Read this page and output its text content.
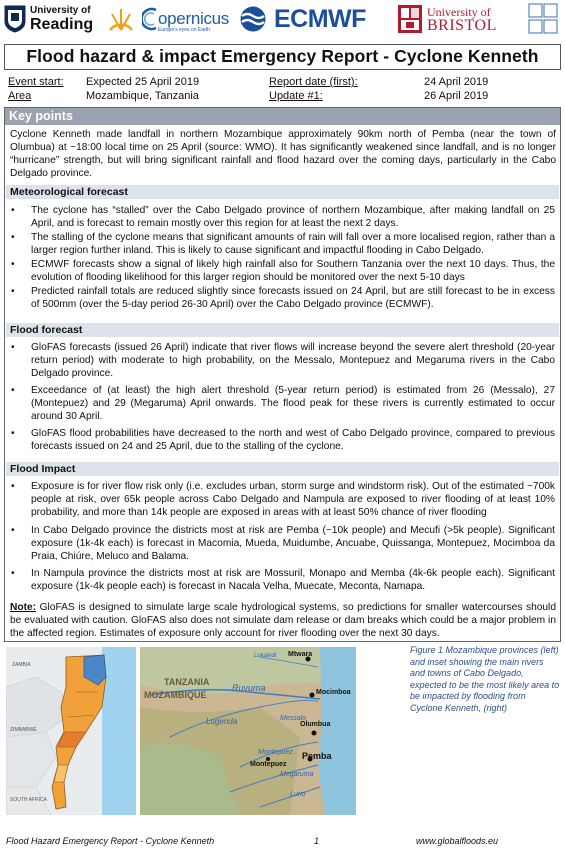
University of
Reading	opernicus
Europe's eyes on Earth	ECMWF	University of
BRISTOL
Flood hazard & impact Emergency Report - Cyclone Kenneth
Event start: Expected 25 April 2019	Report date (first):	24 April 2019
Area	Mozambique, Tanzania	Update #1:	26 April 2019
Key points
Cyclone Kenneth made landfall in northern Mozambique approximately 90km north of Pemba (near the town of Olumbua) at ~18:00 local time on 25 April (source: WMO). It has significantly weakened since landfall, and is no longer “hurricane” strength, but will bring significant rainfall and flood hazard over the coming days, particularly in the Cabo Delgado province.
Meteorological forecast
• The cyclone has “stalled” over the Cabo Delgado province of northern Mozambique, after making landfall on 25 April, and is forecast to remain mostly over this region for at least the next 2 days.
• The stalling of the cyclone means that significant amounts of rain will fall over a more localised region, rather than a larger region further inland. This is likely to cause significant and impactful flooding in Cabo Delgado.
• ECMWF forecasts show a signal of likely high rainfall also for Southern Tanzania over the next 10 days. Thus, the evolution of flooding likelihood for this larger region should be monitored over the next 5-10 days
• Predicted rainfall totals are reduced slightly since forecasts issued on 24 April, but are still forecast to be in excess of 500mm (over the 5-day period 26-30 April) over the Cabo Delgado province (ECMWF).
Flood forecast
• GloFAS forecasts (issued 26 April) indicate that river flows will increase beyond the severe alert threshold (20-year return period) with moderate to high probability, on the Messalo, Montepuez and Megaruma rivers in the Cabo Delgado province.
• Exceedance of (at least) the high alert threshold (5-year return period) is estimated from 26 (Messalo), 27 (Montepuez) and 29 (Megaruma) April onwards. The flood peak for these rivers is currently estimated to occur around 30 April.
• GloFAS flood probabilities have decreased to the north and west of Cabo Delgado province, compared to previous forecasts issued on 24 and 25 April, due to the stalling of the cyclone.
Flood Impact
• Exposure is for river flow risk only (i.e. excludes urban, storm surge and windstorm risk). Out of the estimated ~700k people at risk, over 65k people across Cabo Delgado and Nampula are exposed to river flooding of at least 10% probability, and more than 14k people are exposed in areas with at least 50% chance of river flooding
• In Cabo Delgado province the districts most at risk are Pemba (~10k people) and Mecufi (>5k people). Significant exposure (1k-4k each) is forecast in Macomia, Mueda, Muidumbe, Ancuabe, Quissanga, Montepuez, Mocimboa da Praia, Chiúre, Meluco and Balama.
• In Nampula province the districts most at risk are Mossuril, Monapo and Memba (4k-6k people each). Significant exposure (1k-4k people each) is forecast in Nacala Velha, Muecate, Meconta, Namapa.
Note: GloFAS is designed to simulate large scale hydrological systems, so predictions for smaller watercourses should be evaluated with caution. GloFAS also does not simulate dam release or dam breaks which could be a major problem in the affected region. Estimates of exposure only account for river flooding over the next 30 days.
ZAMBIA
ZIMBABWE
SOUTH AFRICA
TANZANIA
MOZAMBIQUE
Ruvuma
Lugenda	Messalo
Montepuez
Megaruma
Lurio
Lukuledi Mtwara
Mocimboa
Olumbua
Pemba
Montepuez
Figure 1 Mozambique provinces (left) and inset showing the main rivers and towns of Cabo Delgado, expected to be the most likely area to be impacted by flooding from Cyclone Kenneth, (right)
Flood Hazard Emergency Report - Cyclone Kenneth	1	www.globalfloods.eu
